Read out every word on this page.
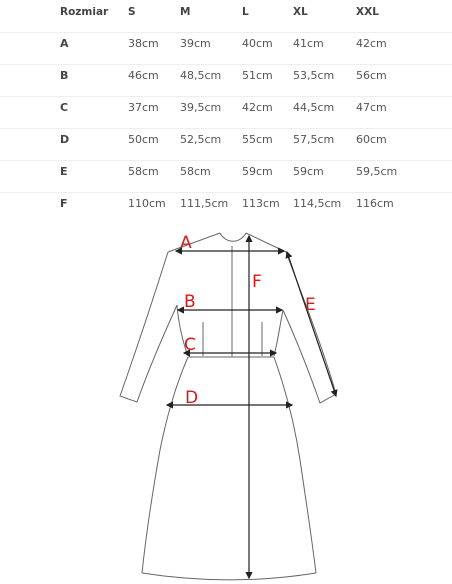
Rozmiar S	M	L	XL	XXL
A	38cm 39cm	40cm 41cm	42cm
B	46cm 48,5cm 51cm 53,5cm 56cm
C	37cm 39,5cm 42cm 44,5cm 47cm
D	50cm 52,5cm 55cm 57,5cm 60cm
E	58cm 58cm	59cm 59cm	59,5cm
F	110cm 111,5cm 113cm 114,5cm 116cm
A
B
C
D
E
F
